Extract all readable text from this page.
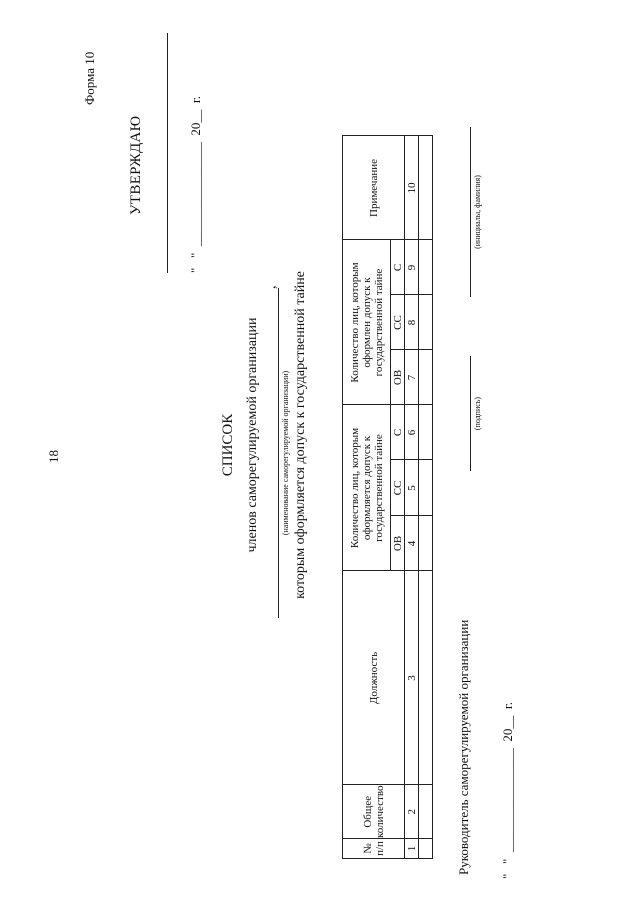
18
Форма 10
УТВЕРЖДАЮ	"   "  ________________  20__  г.
СПИСОК членов саморегулируемой организации
,
(наименование саморегулируемой организации) которым оформляется допуск к государственной тайне
№ п/п	Общее количество	Должность	Количество лиц, которым оформляется допуск к государственной тайне			Количество лиц, которым оформлен допуск к государственной тайне			Примечание
			ОВ	СС	С	ОВ	СС	С	
1	2	3	4	5	6	7	8	9	10

Руководитель саморегулируемой организации
(подпись)
(инициалы, фамилия)
"   "  ________________  20__  г.
